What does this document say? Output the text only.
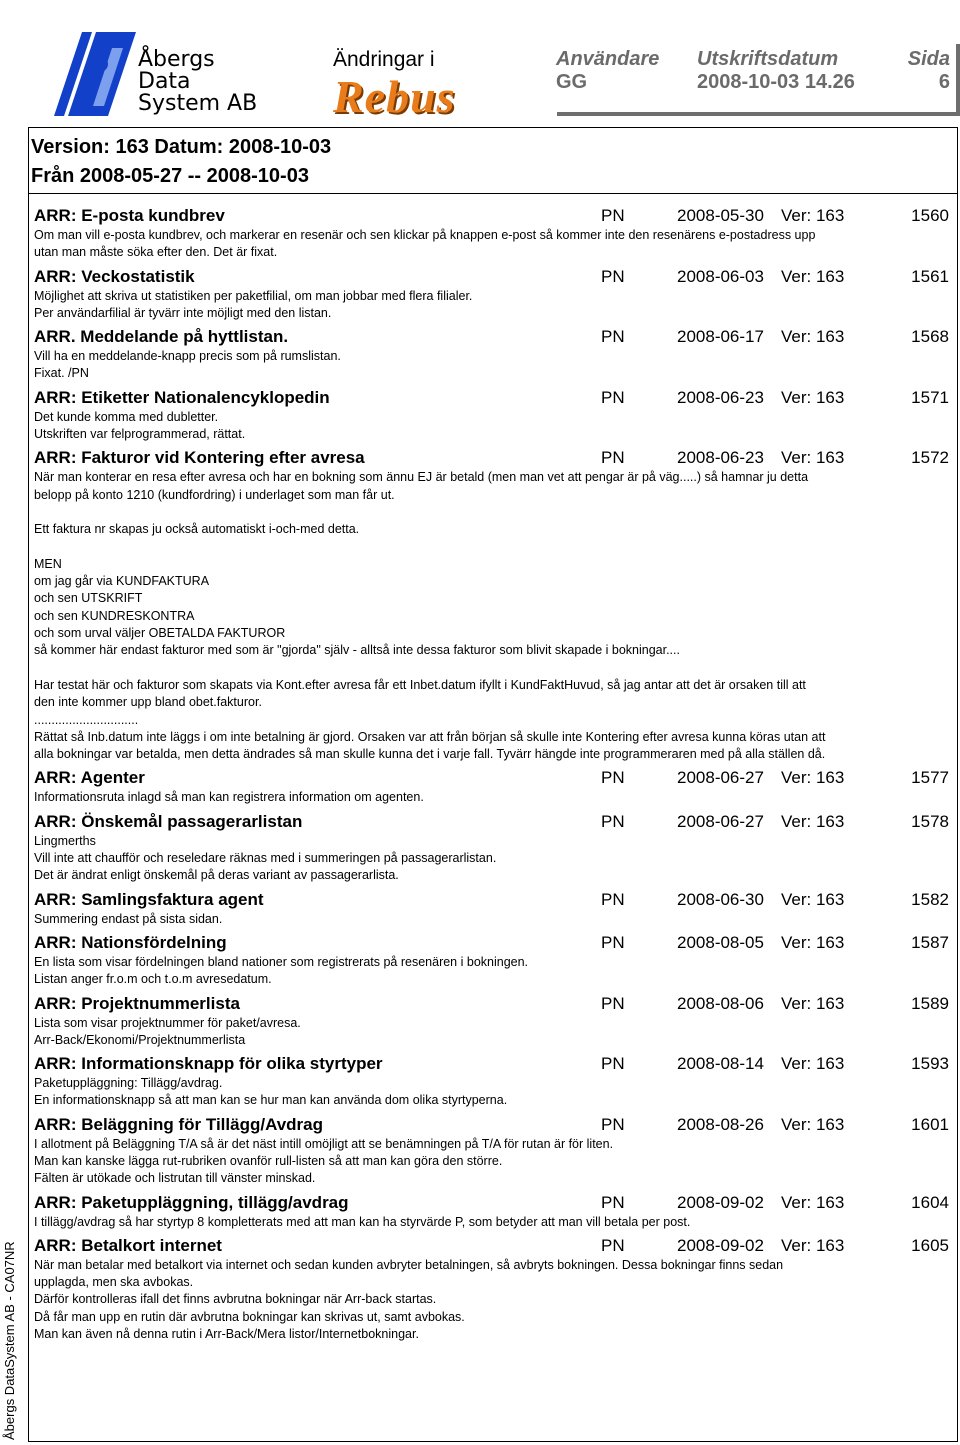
Åbergs
Data
System AB
Ändringar i
Rebus
Användare
GG
Utskriftsdatum
2008-10-03 14.26
Sida
6
Version: 163 Datum: 2008-10-03
Från 2008-05-27 -- 2008-10-03
ARR: E-posta kundbrev	PN	2008-05-30 Ver: 163	1560
Om man vill e-posta kundbrev, och markerar en resenär och sen klickar på knappen e-post så kommer inte den resenärens e-postadress upp
utan man måste söka efter den. Det är fixat.
ARR: Veckostatistik	PN	2008-06-03 Ver: 163	1561
Möjlighet att skriva ut statistiken per paketfilial, om man jobbar med flera filialer.
Per användarfilial är tyvärr inte möjligt med den listan.
ARR. Meddelande på hyttlistan.	PN	2008-06-17 Ver: 163	1568
Vill ha en meddelande-knapp precis som på rumslistan.
Fixat. /PN
ARR: Etiketter Nationalencyklopedin	PN	2008-06-23 Ver: 163	1571
Det kunde komma med dubletter.
Utskriften var felprogrammerad, rättat.
ARR: Fakturor vid Kontering efter avresa	PN	2008-06-23 Ver: 163	1572
När man konterar en resa efter avresa och har en bokning som ännu EJ är betald (men man vet att pengar är på väg.....) så hamnar ju detta
belopp på konto 1210 (kundfordring) i underlaget som man får ut.

Ett faktura nr skapas ju också automatiskt i-och-med detta.

MEN
om jag går via KUNDFAKTURA
och sen UTSKRIFT
och sen KUNDRESKONTRA
och som urval väljer OBETALDA FAKTUROR
så kommer här endast fakturor med som är "gjorda" själv - alltså inte dessa fakturor som blivit skapade i bokningar....

Har testat här och fakturor som skapats via Kont.efter avresa får ett Inbet.datum ifyllt i KundFaktHuvud, så jag antar att det är orsaken till att
den inte kommer upp bland obet.fakturor.
..............................
Rättat så Inb.datum inte läggs i om inte betalning är gjord. Orsaken var att från början så skulle inte Kontering efter avresa kunna köras utan att
alla bokningar var betalda, men detta ändrades så man skulle kunna det i varje fall. Tyvärr hängde inte programmeraren med på alla ställen då.
ARR: Agenter	PN	2008-06-27 Ver: 163	1577
Informationsruta inlagd så man kan registrera information om agenten.
ARR: Önskemål passagerarlistan	PN	2008-06-27 Ver: 163	1578
Lingmerths
Vill inte att chaufför och reseledare räknas med i summeringen på passagerarlistan.
Det är ändrat enligt önskemål på deras variant av passagerarlista.
ARR: Samlingsfaktura agent	PN	2008-06-30 Ver: 163	1582
Summering endast på sista sidan.
ARR: Nationsfördelning	PN	2008-08-05 Ver: 163	1587
En lista som visar fördelningen bland nationer som registrerats på resenären i bokningen.
Listan anger fr.o.m och t.o.m avresedatum.
ARR: Projektnummerlista	PN	2008-08-06 Ver: 163	1589
Lista som visar projektnummer för paket/avresa.
Arr-Back/Ekonomi/Projektnummerlista
ARR: Informationsknapp för olika styrtyper	PN	2008-08-14 Ver: 163	1593
Paketuppläggning: Tillägg/avdrag.
En informationsknapp så att man kan se hur man kan använda dom olika styrtyperna.
ARR: Beläggning för Tillägg/Avdrag	PN	2008-08-26 Ver: 163	1601
I allotment på Beläggning T/A så är det näst intill omöjligt att se benämningen på T/A för rutan är för liten.
Man kan kanske lägga rut-rubriken ovanför rull-listen så att man kan göra den större.
Fälten är utökade och listrutan till vänster minskad.
ARR: Paketuppläggning, tillägg/avdrag	PN	2008-09-02 Ver: 163	1604
I tillägg/avdrag så har styrtyp 8 kompletterats med att man kan ha styrvärde P, som betyder att man vill betala per post.
ARR: Betalkort internet	PN	2008-09-02 Ver: 163	1605
När man betalar med betalkort via internet och sedan kunden avbryter betalningen, så avbryts bokningen. Dessa bokningar finns sedan
upplagda, men ska avbokas.
Därför kontrolleras ifall det finns avbrutna bokningar när Arr-back startas.
Då får man upp en rutin där avbrutna bokningar kan skrivas ut, samt avbokas.
Man kan även nå denna rutin i Arr-Back/Mera listor/Internetbokningar.
Åbergs DataSystem AB - CA07NR
